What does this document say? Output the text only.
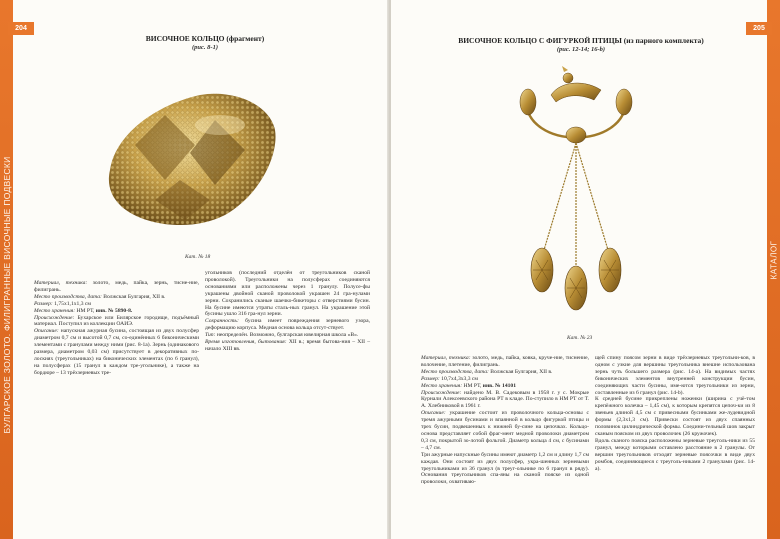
БУЛГАРСКОЕ ЗОЛОТО. ФИЛИГРАННЫЕ ВИСОЧНЫЕ ПОДВЕСКИ
204
ВИСОЧНОЕ КОЛЬЦО (фрагмент)
(рис. 8-1)
Кат. № 18

Материал, техника: золото, медь, пайка, зернь, тисне-ние, филигрань.

Место производства, дата: Волжская Булгария, XII в.

Размер: 1,75х1,1х1,3 см

Место хранения: НМ РТ, инв. № 5890-8.

Происхождение: Бухарское или Билярское городище, подъёмный материал. Поступил из коллекции ОАИЭ.

Описание: напускная ажурная бусина, состоящая из двух полусфер диаметром 0,7 см и высотой 0,7 см, со-единённых 6 биконическими элементами с гранулами между ними (рис. 8-1а). Зернь (одинакового размера, диаметром 0,03 см) присутствует в декоративных по-лоскиях (треугольниках) на биконических элементах (по 6 гранул), на полусферах (15 гранул в каждом тре-угольнике), а также на бордюре – 13 трёхзерневых тре-

угольников (последний отделён от треугольников сканой проволокой). Треугольники на полусферах соединяются основаниями или расположены через 1 гранулу. Полусе-фы украшены двойной сканой проволокой украшен 24 гра-нулами зерни. Сохранились сканые шаечко-бикеторы с отверстиями бусин. На бусине имеются утраты сталь-ных гранул. На украшение этой бусины ушло 316 гра-нул зерни.

Сохранность: бусина имеет повреждения зерневого узора, деформацию корпуса. Медная основа кольца отсут-ствует.

Тип: неопределён. Возможно, булгарская ювелирная школа «В».

Время изготовления, бытования: XII в.; время бытова-ния – XII – начало XIII вв.

КАТАЛОГ
205
ВИСОЧНОЕ КОЛЬЦО С ФИГУРКОЙ ПТИЦЫ (из парного комплекта)
(рис. 12-14; 16-b)
Кат. № 23

Материал, техника: золото, медь, пайка, ковка, круче-ние, тиснение, волочение, плетение, филигрань.

Место производства, дата: Волжская Булгария, XII в.

Размер: 10,7х4,3х3,3 см

Место хранения: НМ РТ, инв. № 14101

Происхождение: найдено М. В. Садековым в 1958 г. у с. Мокрые Курнали Алексеевского района РТ в кладе. По-ступило в НМ РТ от Т. А. Хлебниковой в 1961 г.

Описание: украшение состоит из проволочного кольца-основы с тремя ажурными бусинами и впаянной в кольцо фигуркой птицы и трех бусин, подвешенных к нижней бу-сине на цепочках. Кольцо-основа представляет собой фраг-мент медной проволоки диаметром 0,3 см, покрытой зо-лотой фольгой. Диаметр кольца 4 см, с бусинами – 4,7 см.

Три ажурные напускные бусины имеют диаметр 1,2 см и длину 1,7 см каждая. Они состоят из двух полусфер, укра-шенных зерневыми треугольниками из 36 гранул (в треуг-ольнике по 6 гранул в ряду). Основания треугольников спа-яны на сканой пояске из одной проволоки, охвативаю-

щей спину поясом зерни в виде трёхзерневых треугольни-ков, в одном с узкие для вершины треугольника внешне использована зернь чуть большего размера (рис. 14-а). На видимых частях биконических элементов внутренней конструкции бусин, соединяющих части бусины, име-ются треугольники из зерни, составленные из 6 гранул (рис. 14-b).

К средней бусине прикреплены ноженки (ширина с учё-том крепёжного колечка – 1,45 см), к которым крепятся цепоч-ки из 8 звеньев длиной 4,5 см с привесными бусинками же-лудевидной формы (2,3х1,3 см). Привески состоят из двух спаянных половинок цилиндрической формы. Соедини-тельный шов закрыт сканым пояском из двух проволочек (26 кружочек).

Вдоль сканого пояска расположены зерневые треуголь-ники из 55 гранул, между которыми оставлено расстояние в 2 гранулы. От вершин треугольников отходят зерневые поясочки в виде двух ромбов, соединяющиеся с треуголь-никами 2 гранулами (рис. 14-а).
